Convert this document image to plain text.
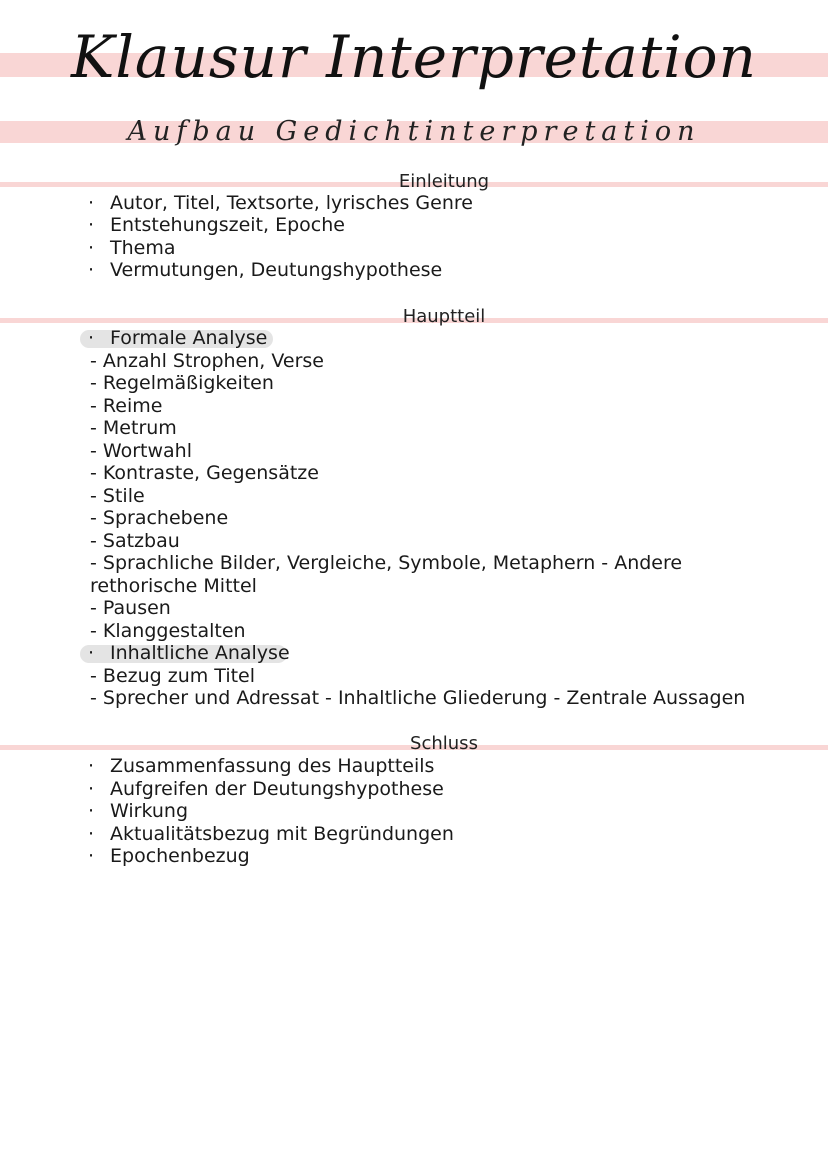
Klausur Interpretation
Aufbau Gedichtinterpretation
Einleitung
· Autor, Titel, Textsorte, lyrisches Genre
· Entstehungszeit, Epoche
· Thema
· Vermutungen, Deutungshypothese
Hauptteil
· Formale Analyse
- Anzahl Strophen, Verse
- Regelmäßigkeiten
- Reime
- Metrum
- Wortwahl
- Kontraste, Gegensätze
- Stile
- Sprachebene
- Satzbau
- Sprachliche Bilder, Vergleiche, Symbole, Metaphern - Andere rethorische Mittel
- Pausen
- Klanggestalten
· Inhaltliche Analyse
- Bezug zum Titel
- Sprecher und Adressat - Inhaltliche Gliederung - Zentrale Aussagen
Schluss
· Zusammenfassung des Hauptteils
· Aufgreifen der Deutungshypothese
· Wirkung
· Aktualitätsbezug mit Begründungen
· Epochenbezug
